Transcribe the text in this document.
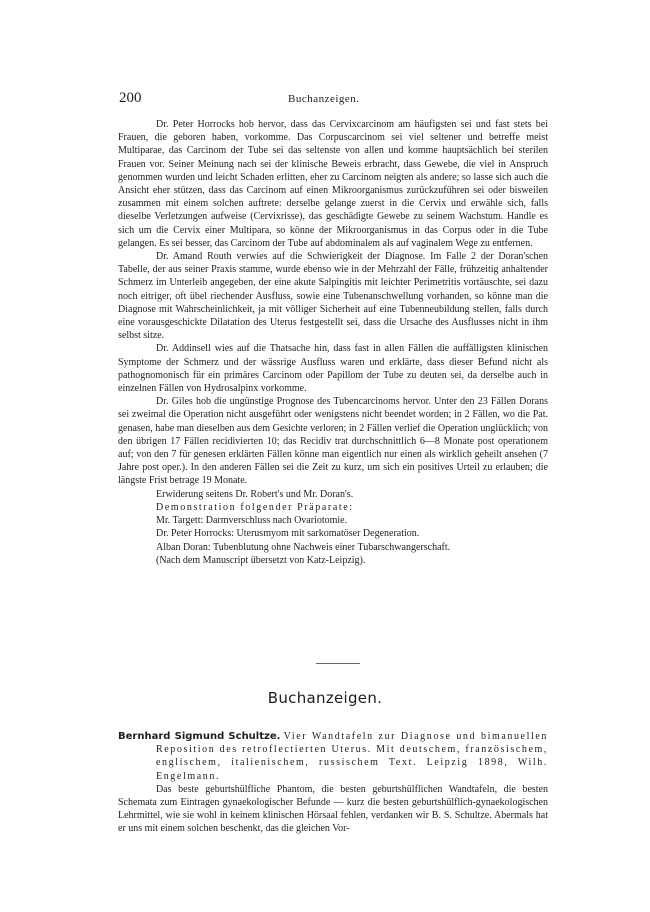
200	Buchanzeigen.

Dr. Peter Horrocks hob hervor, dass das Cervixcarcinom am häufigsten sei und fast stets bei Frauen, die geboren haben, vorkomme. Das Corpuscarcinom sei viel seltener und betreffe meist Multiparae, das Carcinom der Tube sei das seltenste von allen und komme hauptsächlich bei sterilen Frauen vor. Seiner Meinung nach sei der klinische Beweis erbracht, dass Gewebe, die viel in Anspruch genommen wurden und leicht Schaden erlitten, eher zu Carcinom neigten als andere; so lasse sich auch die Ansicht eher stützen, dass das Carcinom auf einen Mikroorganismus zurückzuführen sei oder bisweilen zusammen mit einem solchen auftrete: derselbe gelange zuerst in die Cervix und erwähle sich, falls dieselbe Verletzungen aufweise (Cervixrisse), das geschädigte Gewebe zu seinem Wachstum. Handle es sich um die Cervix einer Multipara, so könne der Mikroorganismus in das Corpus oder in die Tube gelangen. Es sei besser, das Carcinom der Tube auf abdominalem als auf vaginalem Wege zu entfernen.

Dr. Amand Routh verwies auf die Schwierigkeit der Diagnose. Im Falle 2 der Doran'schen Tabelle, der aus seiner Praxis stamme, wurde ebenso wie in der Mehrzahl der Fälle, frühzeitig anhaltender Schmerz im Unterleib angegeben, der eine akute Salpingitis mit leichter Perimetritis vortäuschte, sei dazu noch eitriger, oft übel riechender Ausfluss, sowie eine Tubenanschwellung vorhanden, so könne man die Diagnose mit Wahrscheinlichkeit, ja mit völliger Sicherheit auf eine Tubenneubildung stellen, falls durch eine vorausgeschickte Dilatation des Uterus festgestellt sei, dass die Ursache des Ausflusses nicht in ihm selbst sitze.

Dr. Addinsell wies auf die Thatsache hin, dass fast in allen Fällen die auffälligsten klinischen Symptome der Schmerz und der wässrige Ausfluss waren und erklärte, dass dieser Befund nicht als pathognomonisch für ein primäres Carcinom oder Papillom der Tube zu deuten sei, da derselbe auch in einzelnen Fällen von Hydrosalpinx vorkomme.

Dr. Giles hob die ungünstige Prognose des Tubencarcinoms hervor. Unter den 23 Fällen Dorans sei zweimal die Operation nicht ausgeführt oder wenigstens nicht beendet worden; in 2 Fällen, wo die Pat. genasen, habe man dieselben aus dem Gesichte verloren; in 2 Fällen verlief die Operation unglücklich; von den übrigen 17 Fällen recidivierten 10; das Recidiv trat durchschnittlich 6—8 Monate post operationem auf; von den 7 für genesen erklärten Fällen könne man eigentlich nur einen als wirklich geheilt ansehen (7 Jahre post oper.). In den anderen Fällen sei die Zeit zu kurz, um sich ein positives Urteil zu erlauben; die längste Frist betrage 19 Monate.

Erwiderung seitens Dr. Robert's und Mr. Doran's.

Demonstration folgender Präparate:

Mr. Targett: Darmverschluss nach Ovariotomie.

Dr. Peter Horrocks: Uterusmyom mit sarkomatöser Degeneration.

Alban Doran: Tubenblutung ohne Nachweis einer Tubarschwangerschaft.

(Nach dem Manuscript übersetzt von Katz-Leipzig).

Buchanzeigen.

Bernhard Sigmund Schultze. Vier Wandtafeln zur Diagnose und bimanuellen Reposition des retroflectierten Uterus. Mit deutschem, französischem, englischem, italienischem, russischem Text. Leipzig 1898, Wilh. Engelmann.

Das beste geburtshülfliche Phantom, die besten geburtshülflichen Wandtafeln, die besten Schemata zum Eintragen gynaekologischer Befunde — kurz die besten geburtshülflich-gynaekologischen Lehrmittel, wie sie wohl in keinem klinischen Hörsaal fehlen, verdanken wir B. S. Schultze. Abermals hat er uns mit einem solchen beschenkt, das die gleichen Vor-
